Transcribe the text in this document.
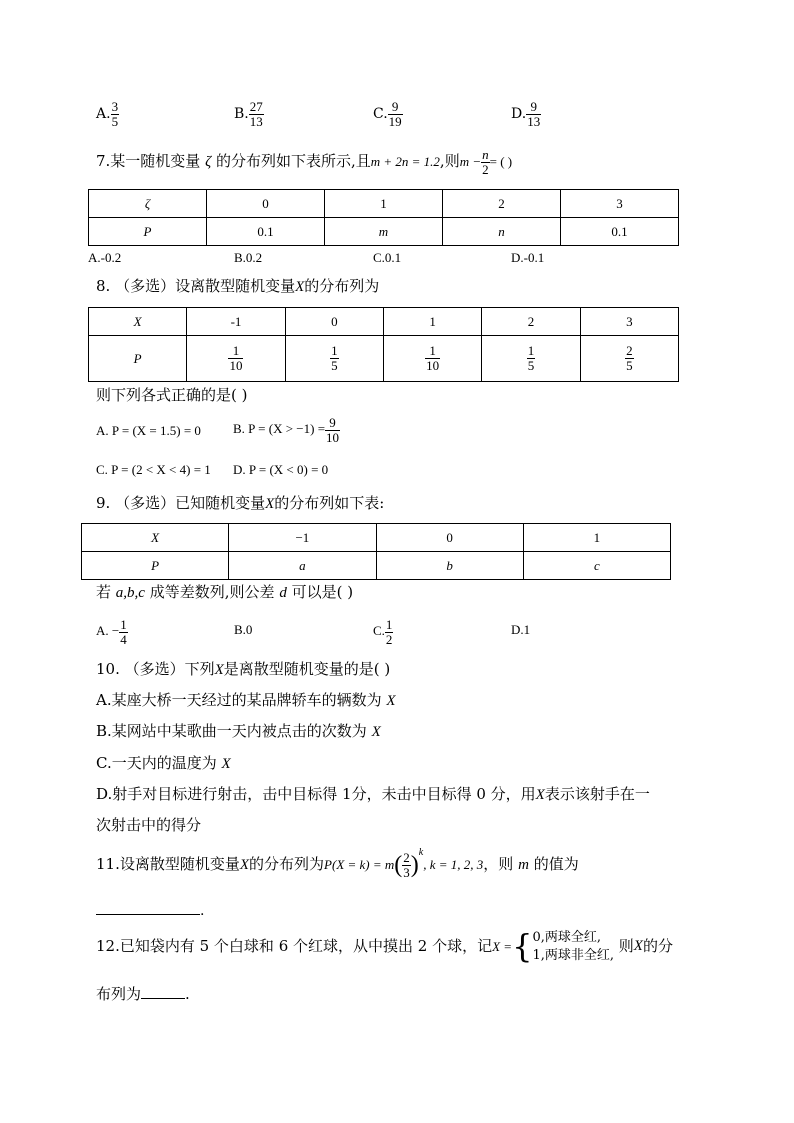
A. $\frac{3}{5}$	B. $\frac{27}{13}$	C. $\frac{9}{19}$	D. $\frac{9}{13}$
7.某一随机变量 ζ 的分布列如下表所示,且m + 2n = 1.2,则$m - \frac{n}{2}$ = ( )
ζ	0	1	2	3
P	0.1	m	n	0.1
A.-0.2	B.0.2	C.0.1	D.-0.1
8. （多选）设离散型随机变量X的分布列为
X	-1	0	1	2	3
P	$\frac{1}{10}$	$\frac{1}{5}$	$\frac{1}{10}$	$\frac{1}{5}$	$\frac{2}{5}$
则下列各式正确的是( )
A. P = (X = 1.5) = 0 B. $P = (X > -1) = \frac{9}{10}$
C. P = (2 < X < 4) = 1 D. P = (X < 0) = 0
9. （多选）已知随机变量X的分布列如下表:
X	−1	0	1
P	a	b	c
若 a,b,c 成等差数列,则公差 d 可以是( )
A. − $\frac{1}{4}$	B.0	C. $\frac{1}{2}$	D.1
10. （多选）下列X是离散型随机变量的是( )
A.某座大桥一天经过的某品牌轿车的辆数为 X
B.某网站中某歌曲一天内被点击的次数为 X
C.一天内的温度为 X
D.射手对目标进行射击，击中目标得 1分，未击中目标得 0 分，用X表示该射手在一
次射击中的得分
11.设离散型随机变量X的分布列为$P(X = k) = m( \frac{2}{3} )^k$, k = 1, 2, 3，则 m 的值为
.
12.已知袋内有 5 个白球和 6 个红球，从中摸出 2 个球，记X ={ 0,两球全红,
1,两球非全红, 则X的分
布列为	.
